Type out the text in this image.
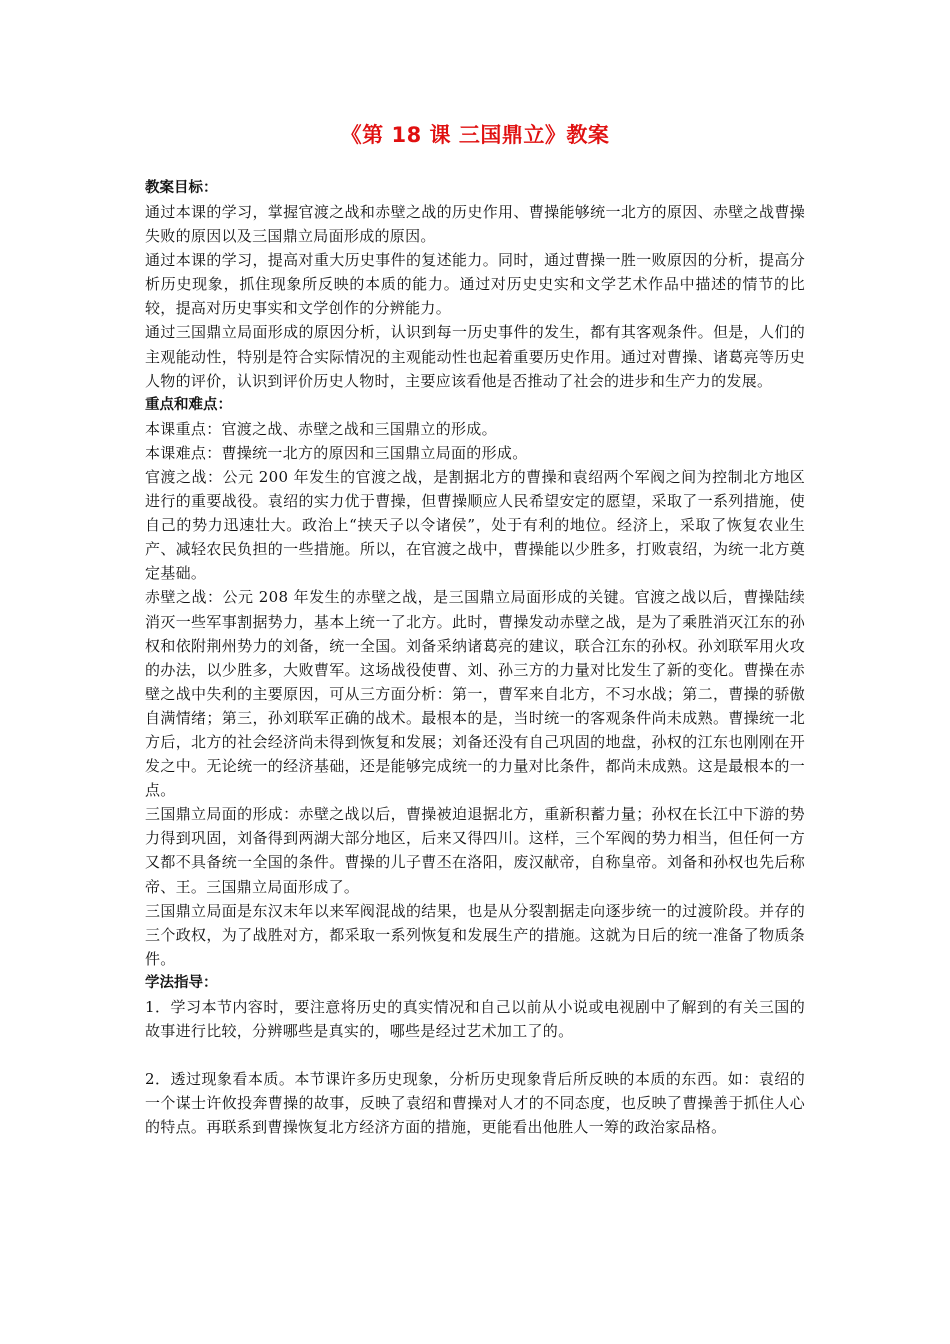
《第 18 课 三国鼎立》教案

教案目标：

通过本课的学习，掌握官渡之战和赤壁之战的历史作用、曹操能够统一北方的原因、赤壁之战曹操失败的原因以及三国鼎立局面形成的原因。

通过本课的学习，提高对重大历史事件的复述能力。同时，通过曹操一胜一败原因的分析，提高分析历史现象，抓住现象所反映的本质的能力。通过对历史史实和文学艺术作品中描述的情节的比较，提高对历史事实和文学创作的分辨能力。

通过三国鼎立局面形成的原因分析，认识到每一历史事件的发生，都有其客观条件。但是，人们的主观能动性，特别是符合实际情况的主观能动性也起着重要历史作用。通过对曹操、诸葛亮等历史人物的评价，认识到评价历史人物时，主要应该看他是否推动了社会的进步和生产力的发展。

重点和难点：

本课重点：官渡之战、赤壁之战和三国鼎立的形成。

本课难点：曹操统一北方的原因和三国鼎立局面的形成。

官渡之战：公元 200 年发生的官渡之战，是割据北方的曹操和袁绍两个军阀之间为控制北方地区进行的重要战役。袁绍的实力优于曹操，但曹操顺应人民希望安定的愿望，采取了一系列措施，使自己的势力迅速壮大。政治上“挟天子以令诸侯”，处于有利的地位。经济上，采取了恢复农业生产、减轻农民负担的一些措施。所以，在官渡之战中，曹操能以少胜多，打败袁绍，为统一北方奠定基础。

赤壁之战：公元 208 年发生的赤壁之战，是三国鼎立局面形成的关键。官渡之战以后，曹操陆续消灭一些军事割据势力，基本上统一了北方。此时，曹操发动赤壁之战，是为了乘胜消灭江东的孙权和依附荆州势力的刘备，统一全国。刘备采纳诸葛亮的建议，联合江东的孙权。孙刘联军用火攻的办法，以少胜多，大败曹军。这场战役使曹、刘、孙三方的力量对比发生了新的变化。曹操在赤壁之战中失利的主要原因，可从三方面分析：第一，曹军来自北方，不习水战；第二，曹操的骄傲自满情绪；第三，孙刘联军正确的战术。最根本的是，当时统一的客观条件尚未成熟。曹操统一北方后，北方的社会经济尚未得到恢复和发展；刘备还没有自己巩固的地盘，孙权的江东也刚刚在开发之中。无论统一的经济基础，还是能够完成统一的力量对比条件，都尚未成熟。这是最根本的一点。

三国鼎立局面的形成：赤壁之战以后，曹操被迫退据北方，重新积蓄力量；孙权在长江中下游的势力得到巩固，刘备得到两湖大部分地区，后来又得四川。这样，三个军阀的势力相当，但任何一方又都不具备统一全国的条件。曹操的儿子曹丕在洛阳，废汉献帝，自称皇帝。刘备和孙权也先后称帝、王。三国鼎立局面形成了。

三国鼎立局面是东汉末年以来军阀混战的结果，也是从分裂割据走向逐步统一的过渡阶段。并存的三个政权，为了战胜对方，都采取一系列恢复和发展生产的措施。这就为日后的统一准备了物质条件。

学法指导：

1．学习本节内容时，要注意将历史的真实情况和自己以前从小说或电视剧中了解到的有关三国的故事进行比较，分辨哪些是真实的，哪些是经过艺术加工了的。

2．透过现象看本质。本节课许多历史现象，分析历史现象背后所反映的本质的东西。如：袁绍的一个谋士许攸投奔曹操的故事，反映了袁绍和曹操对人才的不同态度，也反映了曹操善于抓住人心的特点。再联系到曹操恢复北方经济方面的措施，更能看出他胜人一筹的政治家品格。
